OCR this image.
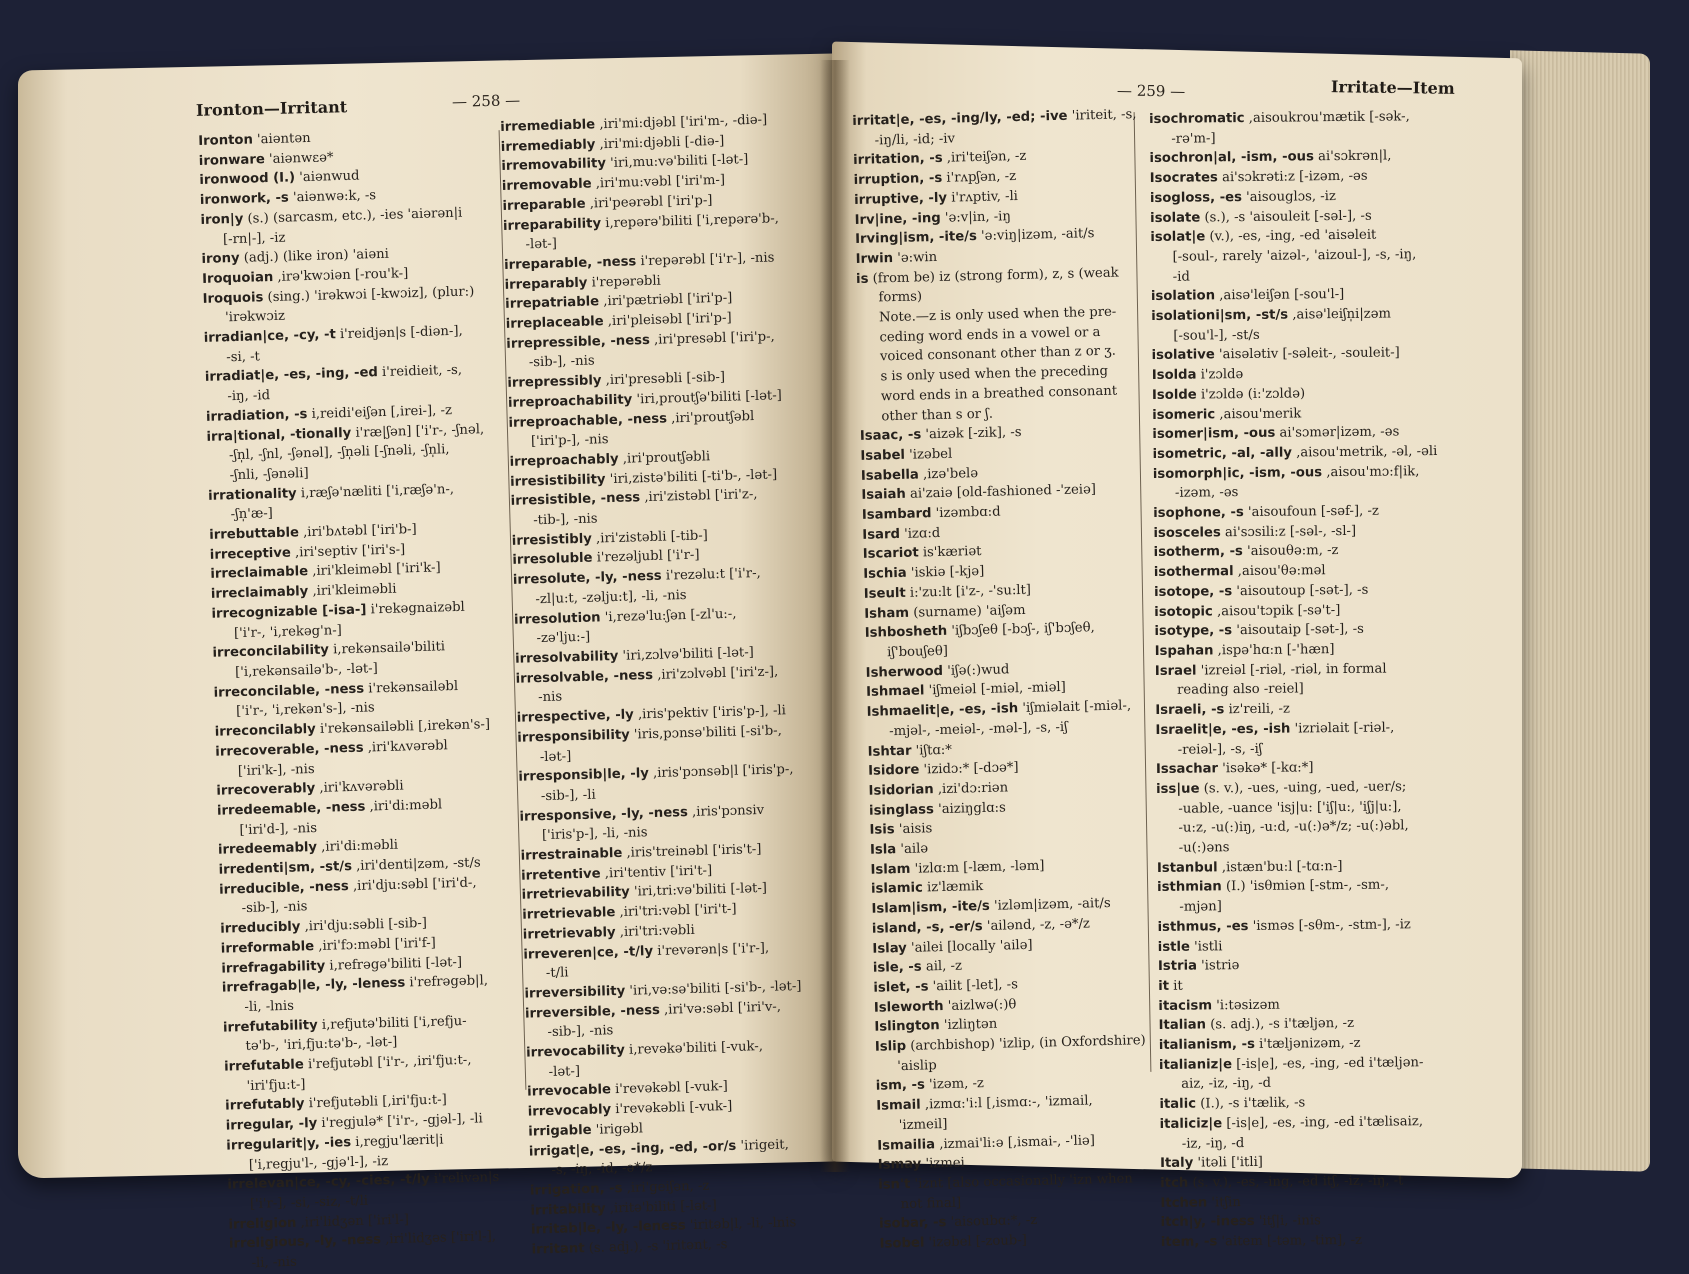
Ironton—Irritant	— 258 —
— 259 —	Irritate—Item
Ironton 'aiəntən
ironware 'aiənwεə*
ironwood (I.) 'aiənwud
ironwork, -s 'aiənwə:k, -s
iron|y (s.) (sarcasm, etc.), -ies 'aiərən|i
[-rn|-], -iz
irony (adj.) (like iron) 'aiəni
Iroquoian ,irə'kwɔiən [-rou'k-]
Iroquois (sing.) 'irəkwɔi [-kwɔiz], (plur:)
'irəkwɔiz
irradian|ce, -cy, -t i'reidjən|s [-diən-],
-si, -t
irradiat|e, -es, -ing, -ed i'reidieit, -s,
-iŋ, -id
irradiation, -s i,reidi'eiʃən [,irei-], -z
irra|tional, -tionally i'ræ|ʃən] ['i'r-, -ʃnəl,
-ʃn̩l, -ʃnl, -ʃənəl], -ʃn̩əli [-ʃnəli, -ʃn̩li,
-ʃnli, -ʃənəli]
irrationality i,ræʃə'næliti ['i,ræʃə'n-,
-ʃn̩'æ-]
irrebuttable ,iri'bʌtəbl ['iri'b-]
irreceptive ,iri'septiv ['iri's-]
irreclaimable ,iri'kleiməbl ['iri'k-]
irreclaimably ,iri'kleiməbli
irrecognizable [-isa-] i'rekəgnaizəbl
['i'r-, 'i,rekəg'n-]
irreconcilability i,rekənsailə'biliti
['i,rekənsailə'b-, -lət-]
irreconcilable, -ness i'rekənsailəbl
['i'r-, 'i,rekən's-], -nis
irreconcilably i'rekənsailəbli [,irekən's-]
irrecoverable, -ness ,iri'kʌvərəbl
['iri'k-], -nis
irrecoverably ,iri'kʌvərəbli
irredeemable, -ness ,iri'di:məbl
['iri'd-], -nis
irredeemably ,iri'di:məbli
irredenti|sm, -st/s ,iri'denti|zəm, -st/s
irreducible, -ness ,iri'dju:səbl ['iri'd-,
-sib-], -nis
irreducibly ,iri'dju:səbli [-sib-]
irreformable ,iri'fɔ:məbl ['iri'f-]
irrefragability i,refrəgə'biliti [-lət-]
irrefragab|le, -ly, -leness i'refrəgəb|l,
-li, -lnis
irrefutability i,refjutə'biliti ['i,refju-
tə'b-, 'iri,fju:tə'b-, -lət-]
irrefutable i'refjutəbl ['i'r-, ,iri'fju:t-,
'iri'fju:t-]
irrefutably i'refjutəbli [,iri'fju:t-]
irregular, -ly i'regjulə* ['i'r-, -gjəl-], -li
irregularit|y, -ies i,regju'lærit|i
['i,regju'l-, -gjə'l-], -iz
irrelevan|ce, -cy, -cies, -t/ly i'relivən|s
['i'r-], -si, -siz, -t/li
irreligion ,iri'lidʒən ['iri'l-]
irreligious, -ly, -ness ,iri'lidʒəs ['iri'l-],
-li, -nis
irremediable ,iri'mi:djəbl ['iri'm-, -diə-]
irremediably ,iri'mi:djəbli [-diə-]
irremovability 'iri,mu:və'biliti [-lət-]
irremovable ,iri'mu:vəbl ['iri'm-]
irreparable ,iri'peərəbl ['iri'p-]
irreparability i,repərə'biliti ['i,repərə'b-,
-lət-]
irreparable, -ness i'repərəbl ['i'r-], -nis
irreparably i'repərəbli
irrepatriable ,iri'pætriəbl ['iri'p-]
irreplaceable ,iri'pleisəbl ['iri'p-]
irrepressible, -ness ,iri'presəbl ['iri'p-,
-sib-], -nis
irrepressibly ,iri'presəbli [-sib-]
irreproachability 'iri,proutʃə'biliti [-lət-]
irreproachable, -ness ,iri'proutʃəbl
['iri'p-], -nis
irreproachably ,iri'proutʃəbli
irresistibility 'iri,zistə'biliti [-ti'b-, -lət-]
irresistible, -ness ,iri'zistəbl ['iri'z-,
-tib-], -nis
irresistibly ,iri'zistəbli [-tib-]
irresoluble i'rezəljubl ['i'r-]
irresolute, -ly, -ness i'rezəlu:t ['i'r-,
-zl|u:t, -zəlju:t], -li, -nis
irresolution 'i,rezə'lu:ʃən [-zl'u:-,
-zə'lju:-]
irresolvability 'iri,zɔlvə'biliti [-lət-]
irresolvable, -ness ,iri'zɔlvəbl ['iri'z-],
-nis
irrespective, -ly ,iris'pektiv ['iris'p-], -li
irresponsibility 'iris,pɔnsə'biliti [-si'b-,
-lət-]
irresponsib|le, -ly ,iris'pɔnsəb|l ['iris'p-,
-sib-], -li
irresponsive, -ly, -ness ,iris'pɔnsiv
['iris'p-], -li, -nis
irrestrainable ,iris'treinəbl ['iris't-]
irretentive ,iri'tentiv ['iri't-]
irretrievability 'iri,tri:və'biliti [-lət-]
irretrievable ,iri'tri:vəbl ['iri't-]
irretrievably ,iri'tri:vəbli
irreveren|ce, -t/ly i'revərən|s ['i'r-],
-t/li
irreversibility 'iri,və:sə'biliti [-si'b-, -lət-]
irreversible, -ness ,iri'və:səbl ['iri'v-,
-sib-], -nis
irrevocability i,revəkə'biliti [-vuk-,
-lət-]
irrevocable i'revəkəbl [-vuk-]
irrevocably i'revəkəbli [-vuk-]
irrigable 'irigəbl
irrigat|e, -es, -ing, -ed, -or/s 'irigeit,
-s, -iŋ, -id, -ə*/z
irrigation, -s ,iri'geiʃən, -z
irritability ,iritə'biliti [-lət-]
irritab|le, -ly, -leness 'iritəb|l, -li, -lnis
irritant (s. adj.), -s 'iritənt, -s
irritat|e, -es, -ing/ly, -ed; -ive 'iriteit, -s,
-iŋ/li, -id; -iv
irritation, -s ,iri'teiʃən, -z
irruption, -s i'rʌpʃən, -z
irruptive, -ly i'rʌptiv, -li
Irv|ine, -ing 'ə:v|in, -iŋ
Irving|ism, -ite/s 'ə:viŋ|izəm, -ait/s
Irwin 'ə:win
is (from be) iz (strong form), z, s (weak
forms)
Note.—z is only used when the pre-
ceding word ends in a vowel or a
voiced consonant other than z or ʒ.
s is only used when the preceding
word ends in a breathed consonant
other than s or ʃ.
Isaac, -s 'aizək [-zik], -s
Isabel 'izəbel
Isabella ,izə'belə
Isaiah ai'zaiə [old-fashioned -'zeiə]
Isambard 'izəmbɑ:d
Isard 'izɑ:d
Iscariot is'kæriət
Ischia 'iskiə [-kjə]
Iseult i:'zu:lt [i'z-, -'su:lt]
Isham (surname) 'aiʃəm
Ishbosheth 'iʃbɔʃeθ [-bɔʃ-, iʃ'bɔʃeθ,
iʃ'bouʃeθ]
Isherwood 'iʃə(:)wud
Ishmael 'iʃmeiəl [-miəl, -miəl]
Ishmaelit|e, -es, -ish 'iʃmiəlait [-miəl-,
-mjəl-, -meiəl-, -məl-], -s, -iʃ
Ishtar 'iʃtɑ:*
Isidore 'izidɔ:* [-dɔə*]
Isidorian ,izi'dɔ:riən
isinglass 'aiziŋglɑ:s
Isis 'aisis
Isla 'ailə
Islam 'izlɑ:m [-læm, -ləm]
islamic iz'læmik
Islam|ism, -ite/s 'izləm|izəm, -ait/s
island, -s, -er/s 'ailənd, -z, -ə*/z
Islay 'ailei [locally 'ailə]
isle, -s ail, -z
islet, -s 'ailit [-let], -s
Isleworth 'aizlwə(:)θ
Islington 'izliŋtən
Islip (archbishop) 'izlip, (in Oxfordshire)
'aislip
ism, -s 'izəm, -z
Ismail ,izmɑ:'i:l [,ismɑ:-, 'izmail,
'izmeil]
Ismailia ,izmai'li:ə [,ismai-, -'liə]
Ismay 'izmei
isn't 'iznt [also occasionally 'izn when
not final]
isobar, -s 'aisoubɑ:*, -z
Isobel 'izəbel [-zoub-]
isochromatic ,aisoukrou'mætik [-sək-,
-rə'm-]
isochron|al, -ism, -ous ai'sɔkrən|l,
Isocrates ai'sɔkrəti:z [-izəm, -əs
isogloss, -es 'aisouglɔs, -iz
isolate (s.), -s 'aisouleit [-səl-], -s
isolat|e (v.), -es, -ing, -ed 'aisəleit
[-soul-, rarely 'aizəl-, 'aizoul-], -s, -iŋ,
-id
isolation ,aisə'leiʃən [-sou'l-]
isolationi|sm, -st/s ,aisə'leiʃn̩i|zəm
[-sou'l-], -st/s
isolative 'aisələtiv [-səleit-, -souleit-]
Isolda i'zɔldə
Isolde i'zɔldə (i:'zɔldə)
isomeric ,aisou'merik
isomer|ism, -ous ai'sɔmər|izəm, -əs
isometric, -al, -ally ,aisou'metrik, -əl, -əli
isomorph|ic, -ism, -ous ,aisou'mɔ:f|ik,
-izəm, -əs
isophone, -s 'aisoufoun [-səf-], -z
isosceles ai'sɔsili:z [-səl-, -sl-]
isotherm, -s 'aisouθə:m, -z
isothermal ,aisou'θə:məl
isotope, -s 'aisoutoup [-sət-], -s
isotopic ,aisou'tɔpik [-sə't-]
isotype, -s 'aisoutaip [-sət-], -s
Ispahan ,ispə'hɑ:n [-'hæn]
Israel 'izreiəl [-riəl, -riəl, in formal
reading also -reiel]
Israeli, -s iz'reili, -z
Israelit|e, -es, -ish 'izriəlait [-riəl-,
-reiəl-], -s, -iʃ
Issachar 'isəkə* [-kɑ:*]
iss|ue (s. v.), -ues, -uing, -ued, -uer/s;
-uable, -uance 'isj|u: ['iʃ|u:, 'iʃj|u:],
-u:z, -u(:)iŋ, -u:d, -u(:)ə*/z; -u(:)əbl,
-u(:)əns
Istanbul ,istæn'bu:l [-tɑ:n-]
isthmian (I.) 'isθmiən [-stm-, -sm-,
-mjən]
isthmus, -es 'isməs [-sθm-, -stm-], -iz
istle 'istli
Istria 'istriə
it it
itacism 'i:təsizəm
Italian (s. adj.), -s i'tæljən, -z
italianism, -s i'tæljənizəm, -z
italianiz|e [-is|e], -es, -ing, -ed i'tæljən-
aiz, -iz, -iŋ, -d
italic (I.), -s i'tælik, -s
italiciz|e [-is|e], -es, -ing, -ed i'tælisaiz,
-iz, -iŋ, -d
Italy 'itəli ['itli]
itch (s. v.), -es, -ing, -ed itʃ, -iz, -iŋ, -t
Itchen 'itʃin
itch|y, -iness 'itʃ|i, -inis
item, -s 'aitem [-təm, -tim], -z
